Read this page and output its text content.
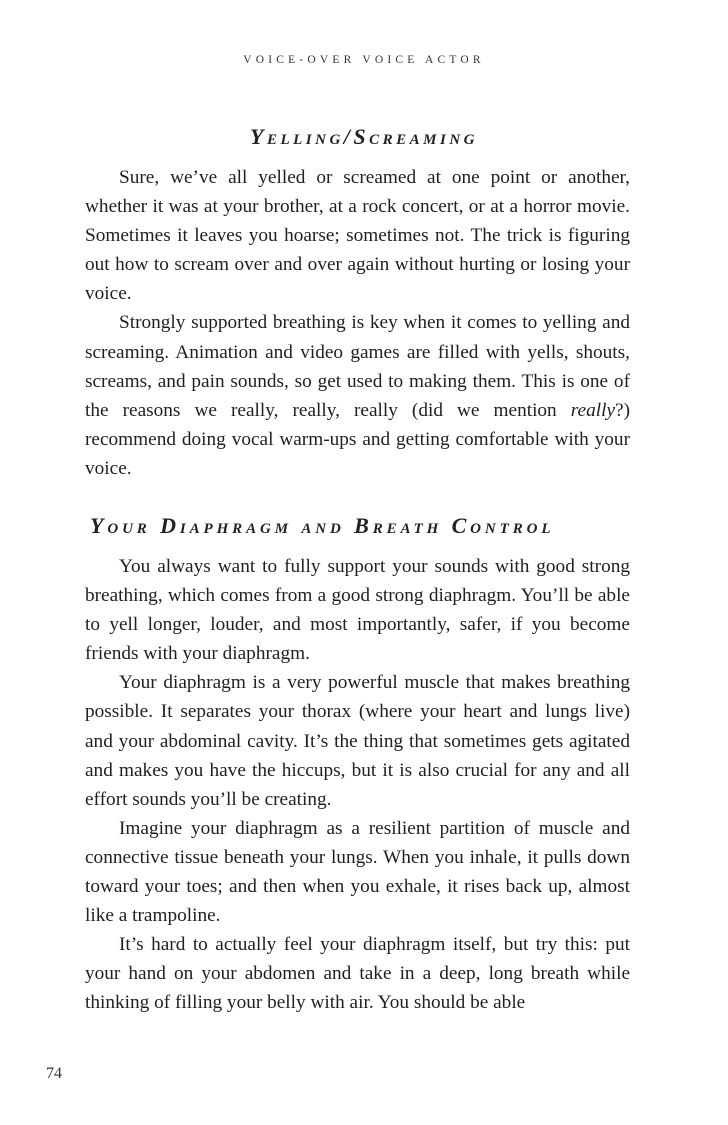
VOICE-OVER VOICE ACTOR
Yelling/Screaming

Sure, we’ve all yelled or screamed at one point or another, whether it was at your brother, at a rock concert, or at a horror movie. Sometimes it leaves you hoarse; sometimes not. The trick is figuring out how to scream over and over again without hurting or losing your voice.

Strongly supported breathing is key when it comes to yelling and screaming. Animation and video games are filled with yells, shouts, screams, and pain sounds, so get used to making them. This is one of the reasons we really, really, really (did we mention really?) recommend doing vocal warm-ups and getting comfortable with your voice.

Your Diaphragm and Breath Control

You always want to fully support your sounds with good strong breathing, which comes from a good strong diaphragm. You’ll be able to yell longer, louder, and most importantly, safer, if you become friends with your diaphragm.

Your diaphragm is a very powerful muscle that makes breathing possible. It separates your thorax (where your heart and lungs live) and your abdominal cavity. It’s the thing that sometimes gets agitated and makes you have the hiccups, but it is also crucial for any and all effort sounds you’ll be creating.

Imagine your diaphragm as a resilient partition of muscle and connective tissue beneath your lungs. When you inhale, it pulls down toward your toes; and then when you exhale, it rises back up, almost like a trampoline.

It’s hard to actually feel your diaphragm itself, but try this: put your hand on your abdomen and take in a deep, long breath while thinking of filling your belly with air. You should be able

74
